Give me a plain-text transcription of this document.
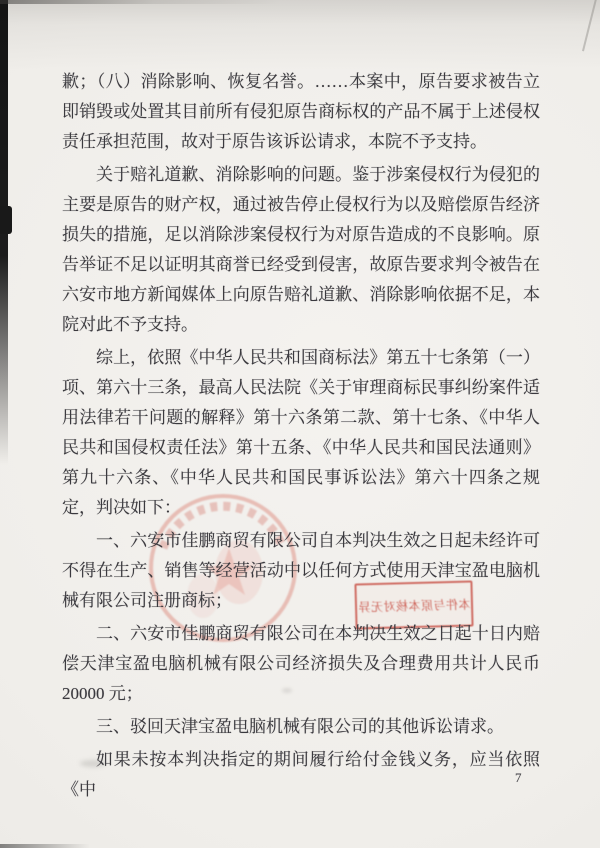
本件与原本核对无异

歉；（八）消除影响、恢复名誉。……本案中，原告要求被告立即销毁或处置其目前所有侵犯原告商标权的产品不属于上述侵权责任承担范围，故对于原告该诉讼请求，本院不予支持。

关于赔礼道歉、消除影响的问题。鉴于涉案侵权行为侵犯的主要是原告的财产权，通过被告停止侵权行为以及赔偿原告经济损失的措施，足以消除涉案侵权行为对原告造成的不良影响。原告举证不足以证明其商誉已经受到侵害，故原告要求判令被告在六安市地方新闻媒体上向原告赔礼道歉、消除影响依据不足，本院对此不予支持。

综上，依照《中华人民共和国商标法》第五十七条第（一）项、第六十三条，最高人民法院《关于审理商标民事纠纷案件适用法律若干问题的解释》第十六条第二款、第十七条、《中华人民共和国侵权责任法》第十五条、《中华人民共和国民法通则》第九十六条、《中华人民共和国民事诉讼法》第六十四条之规定，判决如下：

一、六安市佳鹏商贸有限公司自本判决生效之日起未经许可不得在生产、销售等经营活动中以任何方式使用天津宝盈电脑机械有限公司注册商标；

二、六安市佳鹏商贸有限公司在本判决生效之日起十日内赔偿天津宝盈电脑机械有限公司经济损失及合理费用共计人民币 20000 元；

三、驳回天津宝盈电脑机械有限公司的其他诉讼请求。

如果未按本判决指定的期间履行给付金钱义务，应当依照《中

7
